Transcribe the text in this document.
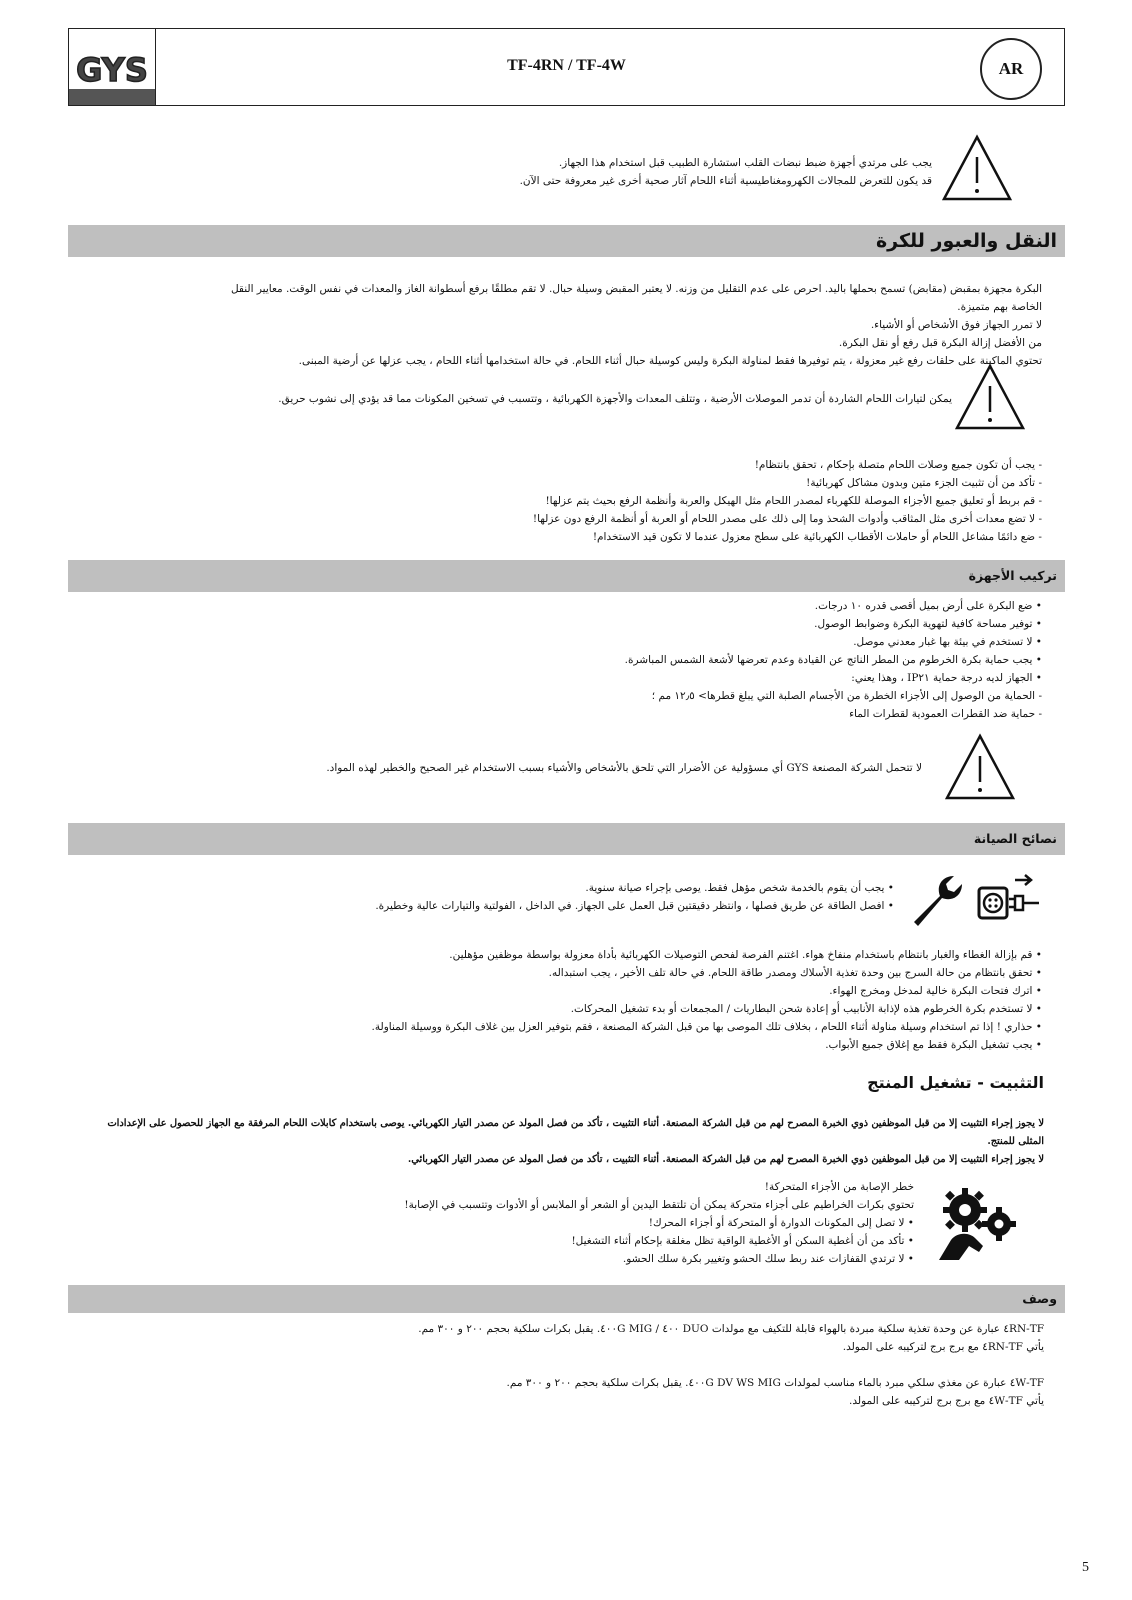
GYS	TF-4RN / TF-4W	AR
يجب على مرتدي أجهزة ضبط نبضات القلب استشارة الطبيب قبل استخدام هذا الجهاز.
قد يكون للتعرض للمجالات الكهرومغناطيسية أثناء اللحام آثار صحية أخرى غير معروفة حتى الآن.
النقل والعبور للكرة
البكرة مجهزة بمقبض (مقابض) تسمح بحملها باليد. احرص على عدم التقليل من وزنه. لا يعتبر المقبض وسيلة حبال. لا تقم مطلقًا برفع أسطوانة الغاز والمعدات في نفس الوقت. معايير النقل الخاصة بهم متميزة.
لا تمرر الجهاز فوق الأشخاص أو الأشياء.
من الأفضل إزالة البكرة قبل رفع أو نقل البكرة.
تحتوي الماكينة على حلقات رفع غير معزولة ، يتم توفيرها فقط لمناولة البكرة وليس كوسيلة حبال أثناء اللحام. في حالة استخدامها أثناء اللحام ، يجب عزلها عن أرضية المبنى.
يمكن لتيارات اللحام الشاردة أن تدمر الموصلات الأرضية ، وتتلف المعدات والأجهزة الكهربائية ، وتتسبب في تسخين المكونات مما قد يؤدي إلى نشوب حريق.
- يجب أن تكون جميع وصلات اللحام متصلة بإحكام ، تحقق بانتظام!
- تأكد من أن تثبيت الجزء متين وبدون مشاكل كهربائية!
- قم بربط أو تعليق جميع الأجزاء الموصلة للكهرباء لمصدر اللحام مثل الهيكل والعربة وأنظمة الرفع بحيث يتم عزلها!
- لا تضع معدات أخرى مثل المثاقب وأدوات الشحذ وما إلى ذلك على مصدر اللحام أو العربة أو أنظمة الرفع دون عزلها!
- ضع دائمًا مشاعل اللحام أو حاملات الأقطاب الكهربائية على سطح معزول عندما لا تكون قيد الاستخدام!
تركيب الأجهزة
• ضع البكرة على أرض بميل أقصى قدره ١٠ درجات.
• توفير مساحة كافية لتهوية البكرة وضوابط الوصول.
• لا تستخدم في بيئة بها غبار معدني موصل.
• يجب حماية بكرة الخرطوم من المطر الناتج عن القيادة وعدم تعرضها لأشعة الشمس المباشرة.
• الجهاز لديه درجة حماية IP٢١ ، وهذا يعني:
- الحماية من الوصول إلى الأجزاء الخطرة من الأجسام الصلبة التي يبلغ قطرها> ١٢٫٥ مم ؛
- حماية ضد القطرات العمودية لقطرات الماء
لا تتحمل الشركة المصنعة GYS أي مسؤولية عن الأضرار التي تلحق بالأشخاص والأشياء بسبب الاستخدام غير الصحيح والخطير لهذه المواد.
نصائح الصيانة
• يجب أن يقوم بالخدمة شخص مؤهل فقط. يوصى بإجراء صيانة سنوية.
• افصل الطاقة عن طريق فصلها ، وانتظر دقيقتين قبل العمل على الجهاز. في الداخل ، الفولتية والتيارات عالية وخطيرة.
• قم بإزالة الغطاء والغبار بانتظام باستخدام منفاخ هواء. اغتنم الفرصة لفحص التوصيلات الكهربائية بأداة معزولة بواسطة موظفين مؤهلين.
• تحقق بانتظام من حالة السرج بين وحدة تغذية الأسلاك ومصدر طاقة اللحام. في حالة تلف الأخير ، يجب استبداله.
• اترك فتحات البكرة خالية لمدخل ومخرج الهواء.
• لا تستخدم بكرة الخرطوم هذه لإذابة الأنابيب أو إعادة شحن البطاريات / المجمعات أو بدء تشغيل المحركات.
• حذاري ! إذا تم استخدام وسيلة مناولة أثناء اللحام ، بخلاف تلك الموصى بها من قبل الشركة المصنعة ، فقم بتوفير العزل بين غلاف البكرة ووسيلة المناولة.
• يجب تشغيل البكرة فقط مع إغلاق جميع الأبواب.
التثبيت - تشغيل المنتج
لا يجوز إجراء التثبيت إلا من قبل الموظفين ذوي الخبرة المصرح لهم من قبل الشركة المصنعة. أثناء التثبيت ، تأكد من فصل المولد عن مصدر التيار الكهربائي. يوصى باستخدام كابلات اللحام المرفقة مع الجهاز للحصول على الإعدادات المثلى للمنتج.
لا يجوز إجراء التثبيت إلا من قبل الموظفين ذوي الخبرة المصرح لهم من قبل الشركة المصنعة. أثناء التثبيت ، تأكد من فصل المولد عن مصدر التيار الكهربائي.
خطر الإصابة من الأجزاء المتحركة!
تحتوي بكرات الخراطيم على أجزاء متحركة يمكن أن تلتقط اليدين أو الشعر أو الملابس أو الأدوات وتتسبب في الإصابة!
• لا تصل إلى المكونات الدوارة أو المتحركة أو أجزاء المحرك!
• تأكد من أن أغطية السكن أو الأغطية الواقية تظل مغلقة بإحكام أثناء التشغيل!
• لا ترتدي القفازات عند ربط سلك الحشو وتغيير بكرة سلك الحشو.
وصف
TF-٤RN عبارة عن وحدة تغذية سلكية مبردة بالهواء قابلة للتكيف مع مولدات DUO ٤٠٠ / ٤٠٠G MIG. يقبل بكرات سلكية بحجم ٢٠٠ و ٣٠٠ مم.
يأتي TF-٤RN مع برج برج لتركيبه على المولد.
TF-٤W عبارة عن مغذي سلكي مبرد بالماء مناسب لمولدات ٤٠٠G DV WS MIG. يقبل بكرات سلكية بحجم ٢٠٠ و ٣٠٠ مم.
يأتي TF-٤W مع برج برج لتركيبه على المولد.
5
